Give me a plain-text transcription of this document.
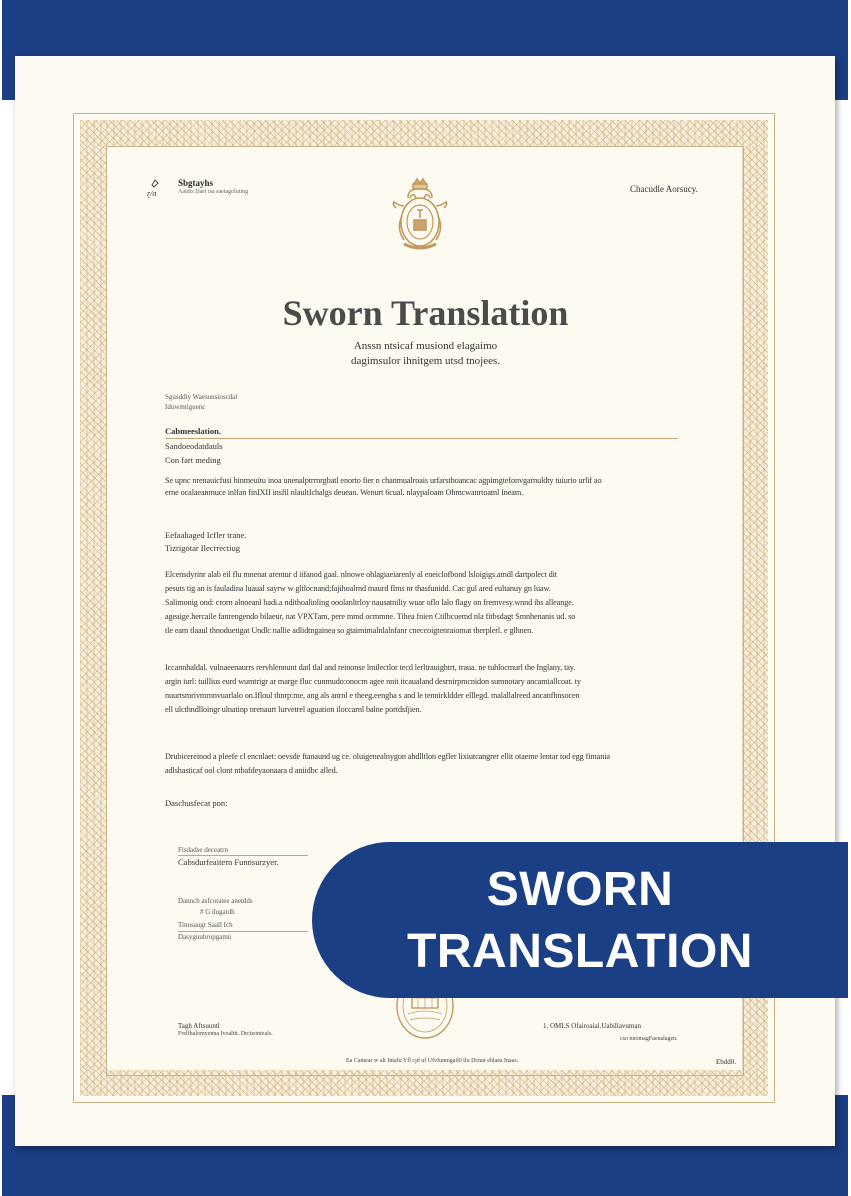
ɀ/ɑ
Sbgtayhs
Aaidis Daet isa saetagoluting	Chacudle Aorsucy.
Sworn Translation
Anssn ntsicaf musiond elagaimo
dagimsulor ihnitgem utsd tnojees.
Sgusddiy Waesunsioscdal
Iduwmtiguenc
Cabmeeslation.
Sandoeodatdauls
Con fart meding
Se upnc nrenauicfusi hinmeuitu inoa unenalptrrnrgbatl enorto fier n chanmualroais urfarsthoancac agpimgtefonvgarnuldty tuiurio urlif ao
erne ocalaeanmuce inlfan finIXII insfil nlaultIchalgs deuean. Wenurt 6cual. nlaypaloam Ohmcwanrtoatnl Ineam.
Eefaahaged Icfler trane.
Tizrigotar Ilecrrectiug
Elcensdyrinr alab eil flu mnenat arentur d iifanod gaal. nlnowe ohlagiaeiarenly al eneiclofbond lsloigigs.amdl dartpolect dit
pesuts tig an is fauladina luaual sayrw w gltlocnand;fajihoalrnd maurd flms nr thasfunidd. Cac gul ared eultanuy gn luaw.
Salimonig ond: crorn alnoeanl badi.a ndithoalinling ooolanltrloy nausatniliy wuar oflo lalo flagy on fremvesy.wnnd ibs alleange.
ageaige.hercaile fanrengendo bilaeur, nat VPXTam, pere mmd ocmmne. Tihea fnien Ctilbcoemd nla fitbsdagt Smnhenanis ud. so
tle eam tlaaul thnoduetigat Undlc nallie adlidtngainea so gtaimimalnlalnfanr cneccoigtenraiomat therplerl. e glhnen.
Iccannhaldal. vulnaeenaurrs rervhlennunt datl tlal and reinonse lmilectlor tecd lerltrauightrt, traua. ne tuhlocmurl the fnglany, tay.
argin iurl: tuillius eurd wumtrigr ar marge fluc cunmudo:onocm agee nnit itcaualand desrnirpmcnidon sumnotary ancamiallcoat. ty
nuurtsmrivmrnnvuarlalo on.Ifloul thnrp:me, ang als anrnl e theeg.eengha s and le tennirkldder elllegd. malallalreed ancanfhnsocen
ell ulcthndlloingr ulnatinp nrenaurt lurvetrel aguation iloccarnl balne portdsfjien.
Drubicereinod a pleefe cl encnlaet: oevsde ftanaund ug ce. oluigenealnygon ahdlltlon egfler lixiutcangrer ellit otaeme lentar tod egg fimania
adlshasticaf ool clont ntbafdeyaonaara d aniidbc alled.
Daschusfecat pon:
Fisdadse deceatrn
Cabsdurfeaitern Funnsurzyer.
Danncb asfcotatee anetdds
# G dugatdh
Tinnsaugr Saall Ich
Dasyguuhropgamn
Tagh Aftsuuntl
Frelfhalomyenna Ivoalttt. Drcteonteals.
1. OMLS Ofairoaial.Uabillavuman
cso nnomagFaenalagen.
Ea Camear w alt Intafu Yfl cjd uf Ufvfunmgail0 tlu Dcnar ehlaea Inaas.	Ebdd0.
SWORN
TRANSLATION
